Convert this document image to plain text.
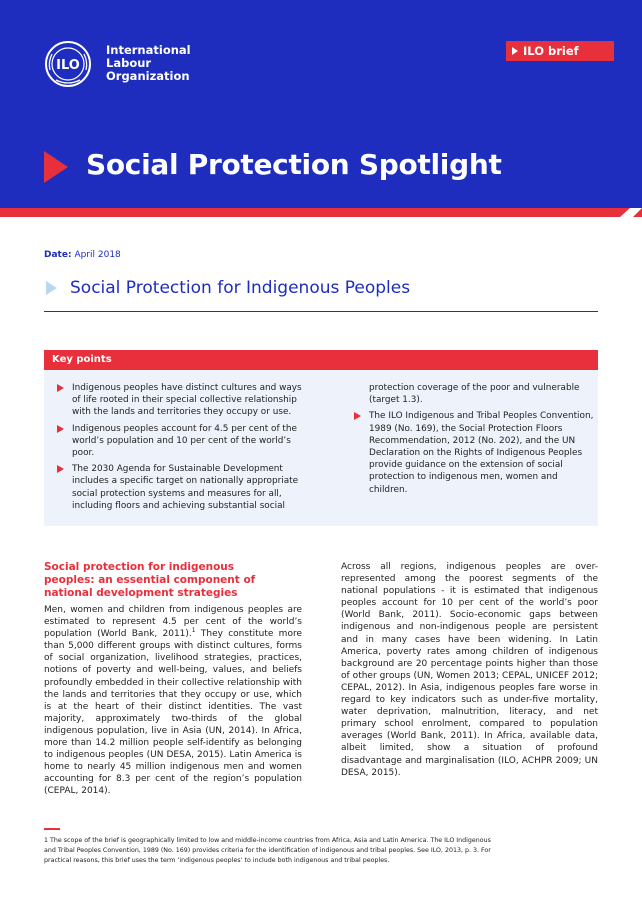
ILO
International
Labour
Organization
ILO brief
Social Protection Spotlight
Date: April 2018
Social Protection for Indigenous Peoples
Key points
Indigenous peoples have distinct cultures and ways of life rooted in their special collective relationship with the lands and territories they occupy or use.
Indigenous peoples account for 4.5 per cent of the world’s population and 10 per cent of the world’s poor.
The 2030 Agenda for Sustainable Development includes a specific target on nationally appropriate social protection systems and measures for all, including floors and achieving substantial social
protection coverage of the poor and vulnerable (target 1.3).
The ILO Indigenous and Tribal Peoples Convention, 1989 (No. 169), the Social Protection Floors Recommendation, 2012 (No. 202), and the UN Declaration on the Rights of Indigenous Peoples provide guidance on the extension of social protection to indigenous men, women and children.
Social protection for indigenous peoples: an essential component of national development strategies
Men, women and children from indigenous peoples are estimated to represent 4.5 per cent of the world’s population (World Bank, 2011).$^1$ They constitute more than 5,000 different groups with distinct cultures, forms of social organization, livelihood strategies, practices, notions of poverty and well-being, values, and beliefs profoundly embedded in their collective relationship with the lands and territories that they occupy or use, which is at the heart of their distinct identities. The vast majority, approximately two-thirds of the global indigenous population, live in Asia (UN, 2014). In Africa, more than 14.2 million people self-identify as belonging to indigenous peoples (UN DESA, 2015). Latin America is home to nearly 45 million indigenous men and women accounting for 8.3 per cent of the region’s population (CEPAL, 2014).
Across all regions, indigenous peoples are over-represented among the poorest segments of the national populations - it is estimated that indigenous peoples account for 10 per cent of the world’s poor (World Bank, 2011). Socio-economic gaps between indigenous and non-indigenous people are persistent and in many cases have been widening. In Latin America, poverty rates among children of indigenous background are 20 percentage points higher than those of other groups (UN, Women 2013; CEPAL, UNICEF 2012; CEPAL, 2012). In Asia, indigenous peoples fare worse in regard to key indicators such as under-five mortality, water deprivation, malnutrition, literacy, and net primary school enrolment, compared to population averages (World Bank, 2011). In Africa, available data, albeit limited, show a situation of profound disadvantage and marginalisation (ILO, ACHPR 2009; UN DESA, 2015).
1 The scope of the brief is geographically limited to low and middle-income countries from Africa, Asia and Latin America. The ILO Indigenous and Tribal Peoples Convention, 1989 (No. 169) provides criteria for the identification of indigenous and tribal peoples. See ILO, 2013, p. 3. For practical reasons, this brief uses the term ‘indigenous peoples’ to include both indigenous and tribal peoples.
